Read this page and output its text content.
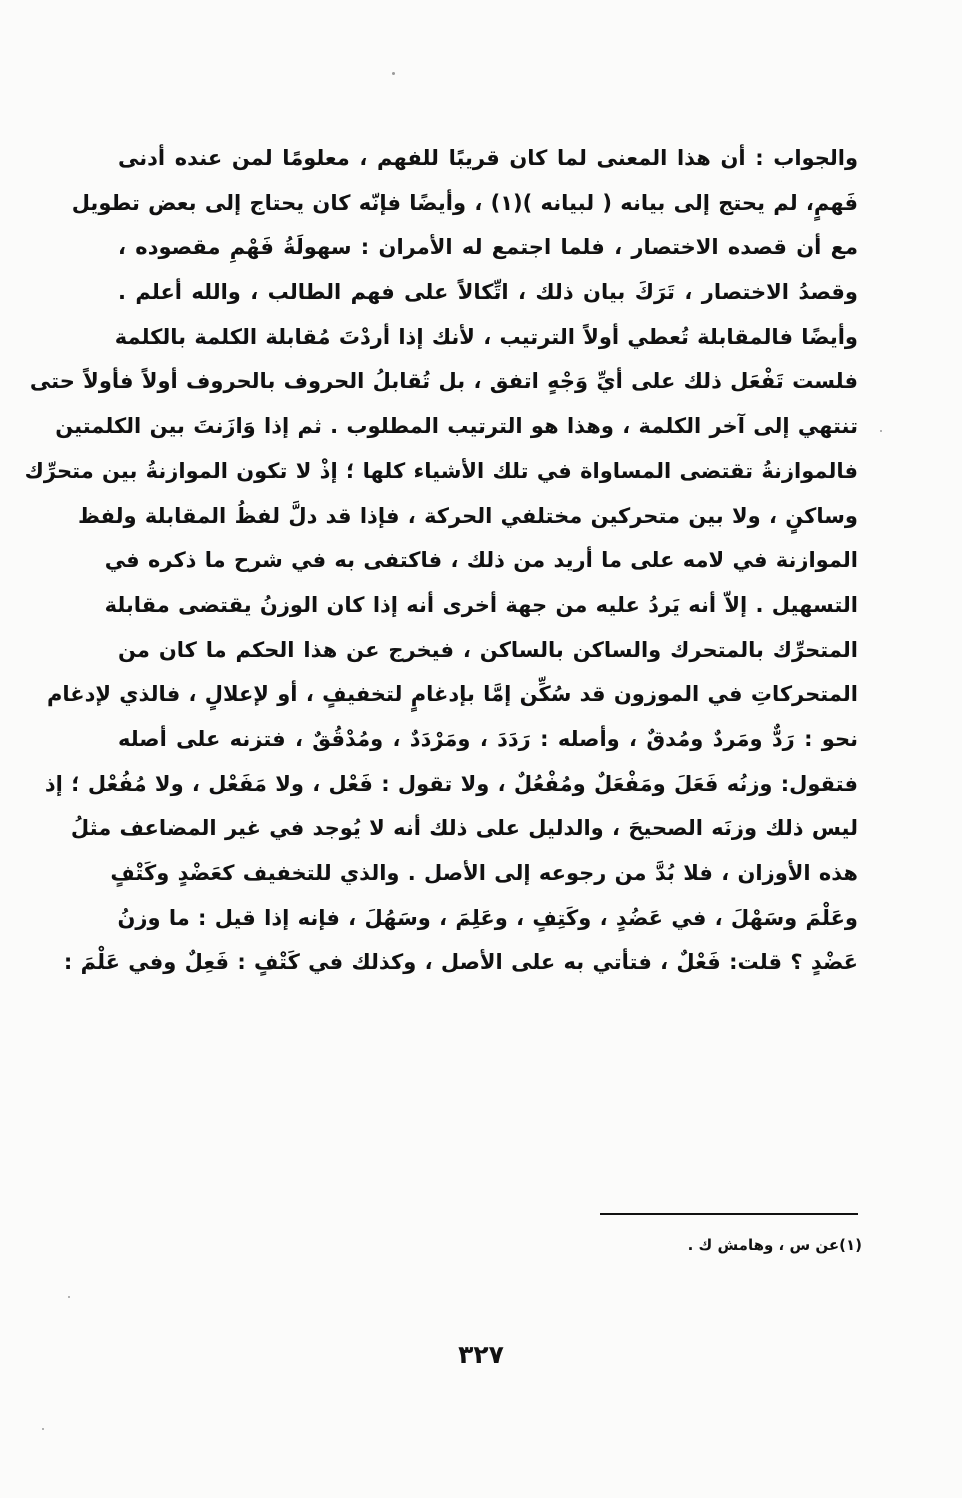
والجواب : أن هذا المعنى لما كان قريبًا للفهم ، معلومًا لمن عنده أدنى
فَهمٍ، لم يحتج إلى بيانه ( لبيانه )(١) ، وأيضًا فإنّه كان يحتاج إلى بعض تطويل
مع أن قصده الاختصار ، فلما اجتمع له الأمران : سهولَةُ فَهْمِ مقصوده ،
وقصدُ الاختصار ، تَرَكَ بيان ذلك ، اتِّكالاً على فهم الطالب ، والله أعلم .
وأيضًا فالمقابلة تُعطي أولاً الترتيب ، لأنك إذا أردْتَ مُقابلة الكلمة بالكلمة
فلست تَفْعَل ذلك على أيِّ وَجْهٍ اتفق ، بل تُقابلُ الحروف بالحروف أولاً فأولاً حتى
تنتهي إلى آخر الكلمة ، وهذا هو الترتيب المطلوب . ثم إذا وَازَنتَ بين الكلمتين
فالموازنةُ تقتضى المساواة في تلك الأشياء كلها ؛ إذْ لا تكون الموازنةُ بين متحرِّك
وساكنٍ ، ولا بين متحركين مختلفي الحركة ، فإذا قد دلَّ لفظُ المقابلة ولفظ
الموازنة في لامه على ما أريد من ذلك ، فاكتفى به في شرح ما ذكره في
التسهيل . إلاّ أنه يَردُ عليه من جهة أخرى أنه إذا كان الوزنُ يقتضى مقابلة
المتحرِّك بالمتحرك والساكن بالساكن ، فيخرج عن هذا الحكم ما كان من
المتحركاتِ في الموزون قد سُكِّن إمَّا بإدغامٍ لتخفيفٍ ، أو لإعلالٍ ، فالذي لإدغام
نحو : رَدٌّ ومَردٌ ومُدقٌ ، وأصله : رَدَدَ ، ومَرْدَدٌ ، ومُدْقُقٌ ، فتزنه على أصله
فتقول: وزنُه فَعَلَ ومَفْعَلٌ ومُفْعُلٌ ، ولا تقول : فَعْل ، ولا مَفَعْل ، ولا مُفُعْل ؛ إذ
ليس ذلك وزنَه الصحيحَ ، والدليل على ذلك أنه لا يُوجد في غير المضاعف مثلُ
هذه الأوزان ، فلا بُدَّ من رجوعه إلى الأصل . والذي للتخفيف كعَضْدٍ وكَتْفٍ
وعَلْمَ وسَهْلَ ، في عَضُدٍ ، وكَتِفٍ ، وعَلِمَ ، وسَهُلَ ، فإنه إذا قيل : ما وزنُ
عَضْدٍ ؟ قلت: فَعْلٌ ، فتأتي به على الأصل ، وكذلك في كَتْفٍ : فَعِلٌ وفي عَلْمَ :
(١)عن س ، وهامش ك .
٣٢٧
